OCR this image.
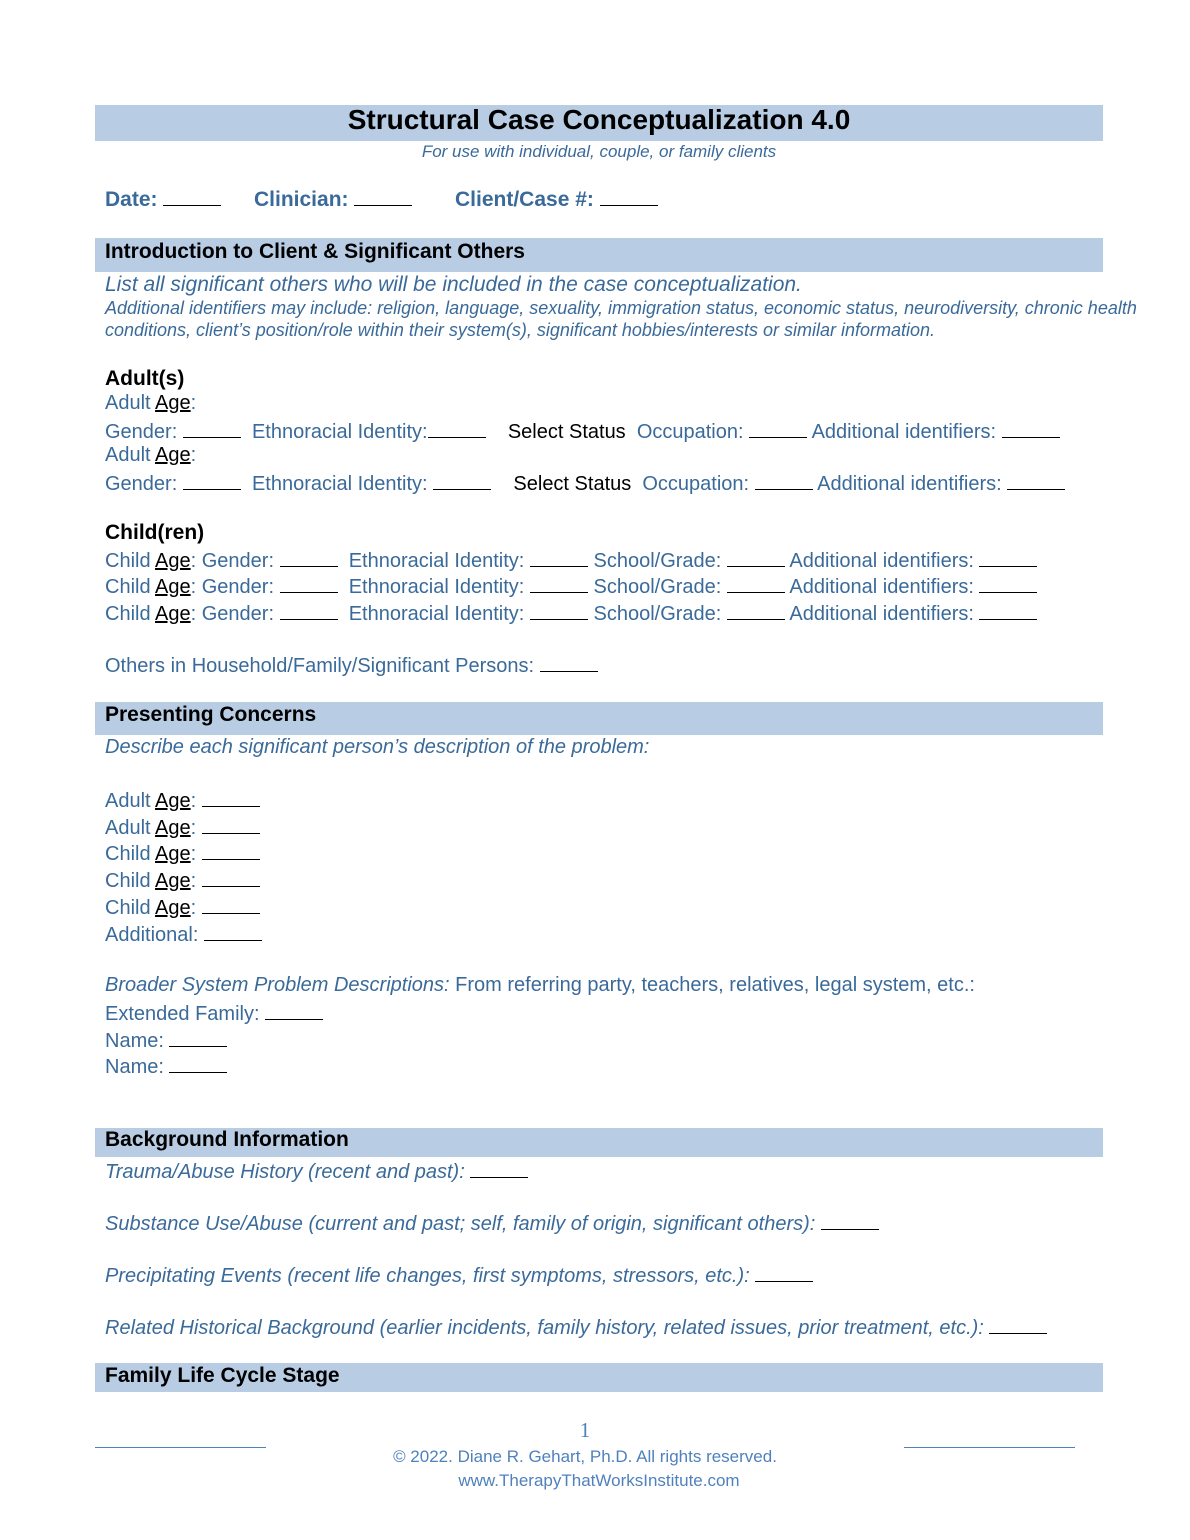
Structural Case Conceptualization 4.0
For use with individual, couple, or family clients
Date:	Clinician:	Client/Case #:
Introduction to Client & Significant Others
List all significant others who will be included in the case conceptualization.
Additional identifiers may include: religion, language, sexuality, immigration status, economic status, neurodiversity, chronic health
conditions, client’s position/role within their system(s), significant hobbies/interests or similar information.
Adult(s)
Adult Age:
Gender:	Ethnoracial Identity:	Select Status Occupation:	Additional identifiers:
Adult Age:
Gender:	Ethnoracial Identity:	Select Status Occupation:	Additional identifiers:
Child(ren)
Child Age: Gender:	Ethnoracial Identity:	School/Grade:	Additional identifiers:
Child Age: Gender:	Ethnoracial Identity:	School/Grade:	Additional identifiers:
Child Age: Gender:	Ethnoracial Identity:	School/Grade:	Additional identifiers:
Others in Household/Family/Significant Persons:
Presenting Concerns
Describe each significant person’s description of the problem:
Adult Age:
Adult Age:
Child Age:
Child Age:
Child Age:
Additional:
Broader System Problem Descriptions: From referring party, teachers, relatives, legal system, etc.:
Extended Family:
Name:
Name:
Background Information
Trauma/Abuse History (recent and past):
Substance Use/Abuse (current and past; self, family of origin, significant others):
Precipitating Events (recent life changes, first symptoms, stressors, etc.):
Related Historical Background (earlier incidents, family history, related issues, prior treatment, etc.):
Family Life Cycle Stage
1
© 2022. Diane R. Gehart, Ph.D. All rights reserved.
www.TherapyThatWorksInstitute.com
